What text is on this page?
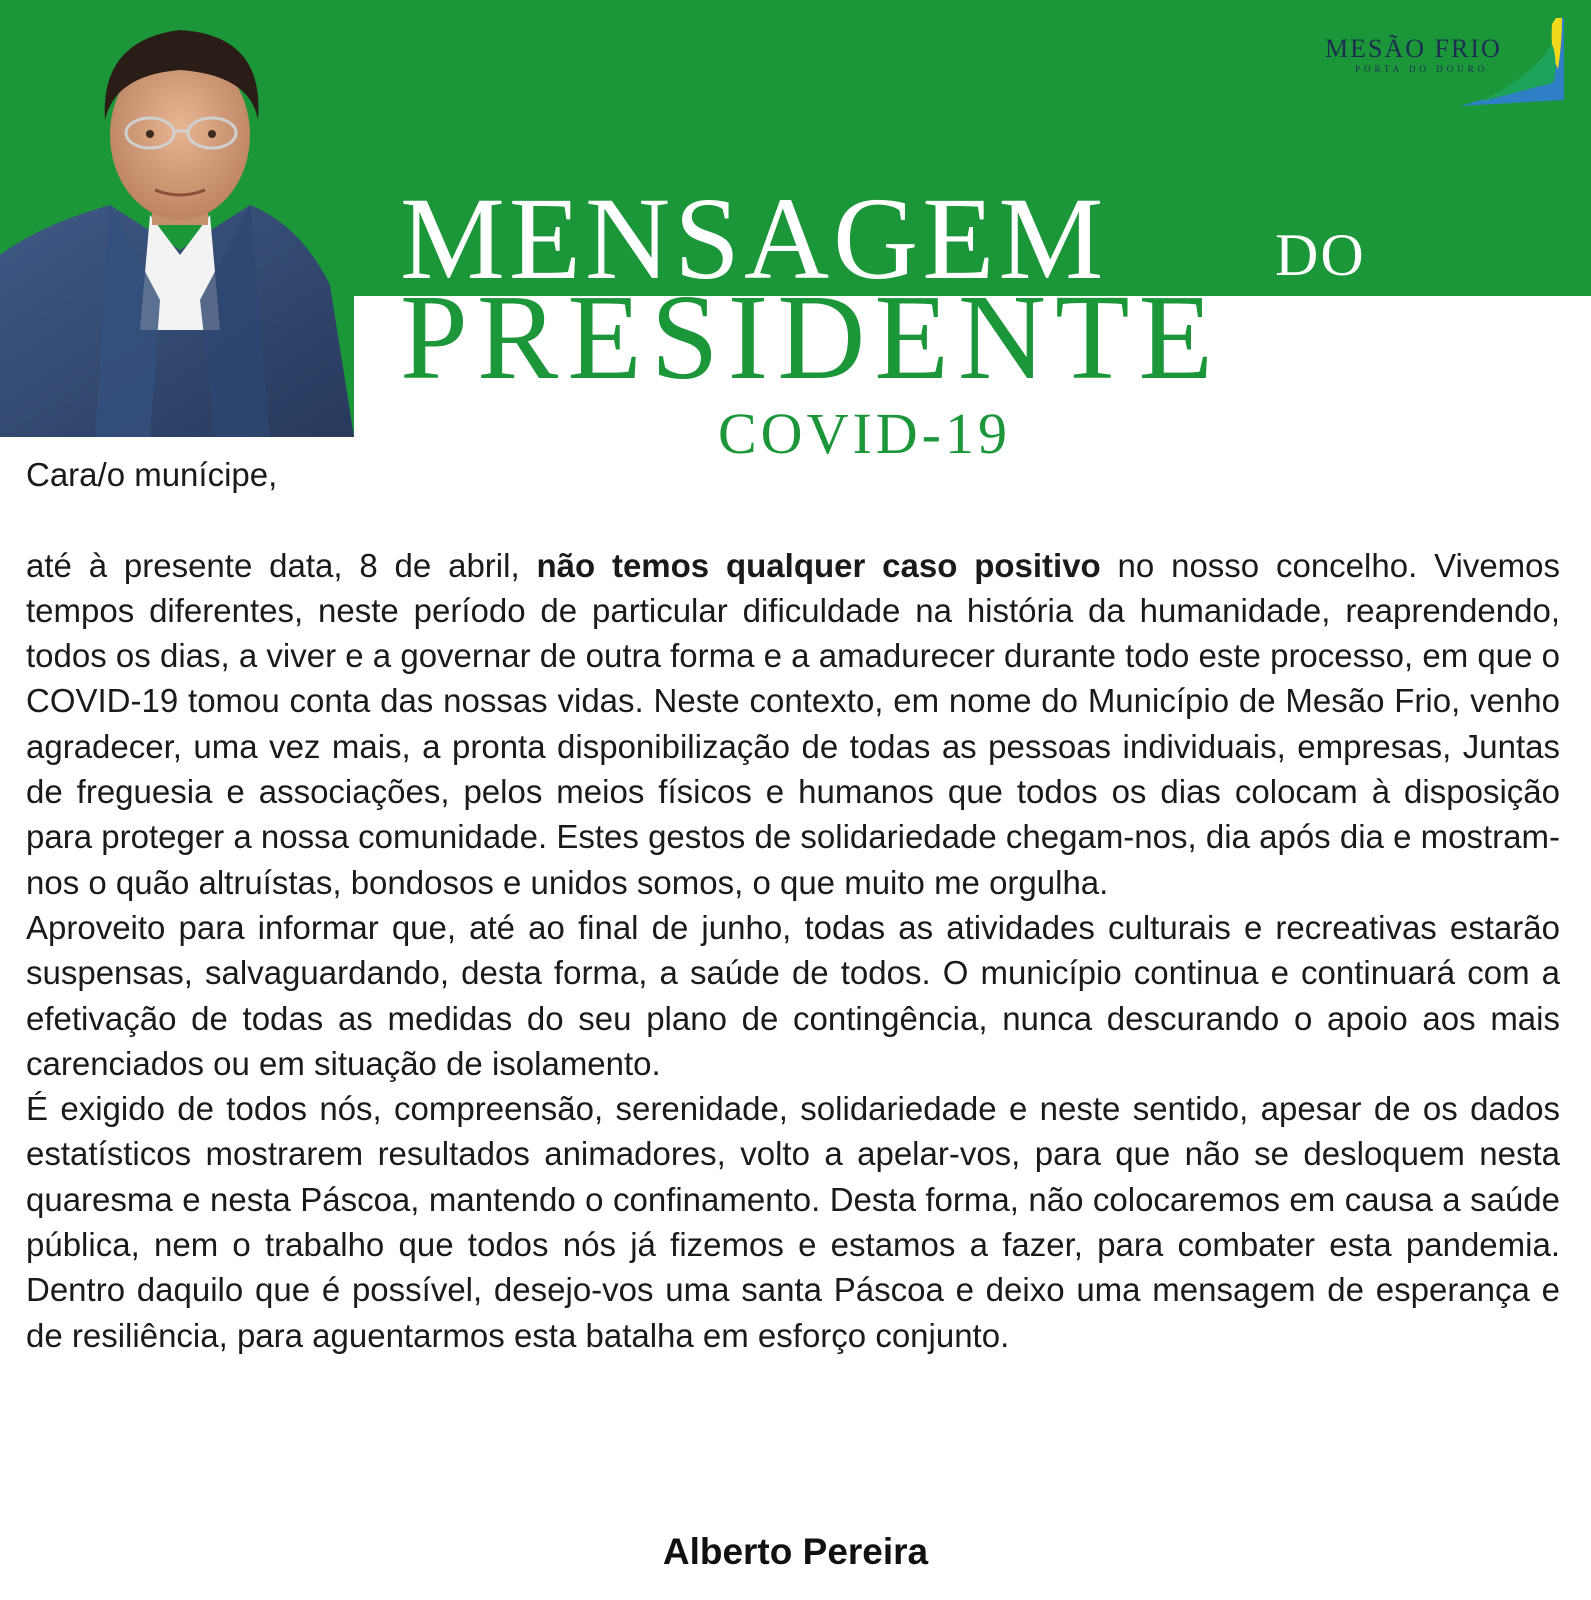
MESÃO FRIO
PORTA DO DOURO
MENSAGEM	DO
PRESIDENTE
COVID-19

Cara/o munícipe,

até à presente data, 8 de abril, não temos qualquer caso positivo no nosso concelho. Vivemos tempos diferentes, neste período de particular dificuldade na história da humanidade, reaprendendo, todos os dias, a viver e a governar de outra forma e a amadurecer durante todo este processo, em que o COVID-19 tomou conta das nossas vidas. Neste contexto, em nome do Município de Mesão Frio, venho agradecer, uma vez mais, a pronta disponibilização de todas as pessoas individuais, empresas, Juntas de freguesia e associações, pelos meios físicos e humanos que todos os dias colocam à disposição para proteger a nossa comunidade. Estes gestos de solidariedade chegam-nos, dia após dia e mostram-nos o quão altruístas, bondosos e unidos somos, o que muito me orgulha.

Aproveito para informar que, até ao final de junho, todas as atividades culturais e recreativas estarão suspensas, salvaguardando, desta forma, a saúde de todos. O município continua e continuará com a efetivação de todas as medidas do seu plano de contingência, nunca descurando o apoio aos mais carenciados ou em situação de isolamento.

É exigido de todos nós, compreensão, serenidade, solidariedade e neste sentido, apesar de os dados estatísticos mostrarem resultados animadores, volto a apelar-vos, para que não se desloquem nesta quaresma e nesta Páscoa, mantendo o confinamento. Desta forma, não colocaremos em causa a saúde pública, nem o trabalho que todos nós já fizemos e estamos a fazer, para combater esta pandemia. Dentro daquilo que é possível, desejo-vos uma santa Páscoa e deixo uma mensagem de esperança e de resiliência, para aguentarmos esta batalha em esforço conjunto.

Alberto Pereira
